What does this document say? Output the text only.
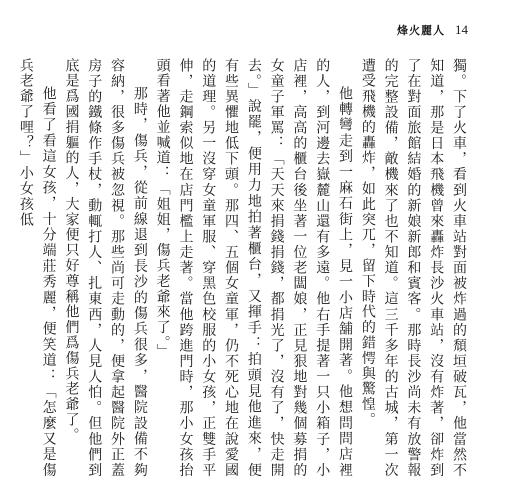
烽火麗人 14

獨。下了火車，看到火車站對面被炸過的頹垣破瓦，他當然不知道，那是日本飛機曾來轟炸長沙火車站，沒有炸著，卻炸到了在對面旅館結婚的新娘新郎和賓客。那時長沙尚未有放警報的完整設備，敵機來了也不知道。這三千多年的古城，第一次遭受飛機的轟炸，如此突兀，留下時代的錯愕與驚惶。

他轉彎走到一麻石街上，見一小店舖開著。他想問問店裡的人，到河邊去嶽麓山還有多遠。他右手提著一只小箱子，小店裡，高高的櫃台後坐著一位老闆娘，正見狠地對幾個募捐的女童子軍罵：「天天來捐錢捐錢，都捐光了，沒有了，快走開去。」說罷，便用力地拍著櫃台，又揮手：拍頭見他進來，便有些異懼地低下頭。那四、五個女童軍，仍不死心地在說愛國的道理。另一沒穿女童軍服、穿黑色校服的小女孩，正雙手平伸，走鋼索似地在店門檻上走著。當他跨進門時，那小女孩抬頭看著他並喊道：「姐姐，傷兵老爺來了。」

那時，傷兵，從前線退到長沙的傷兵很多，醫院設備不夠容納，很多傷兵被忽視。那些尚可走動的，便拿起醫院外正蓋房子的鐵條作手杖，動輒打人、扎東西，人見人怕。但他們到底是爲國捐軀的人，大家便只好尊稱他們爲傷兵老爺了。

他看了看這女孩，十分端莊秀麗，便笑道：「怎麼又是傷兵老爺了哩？」小女孩低
